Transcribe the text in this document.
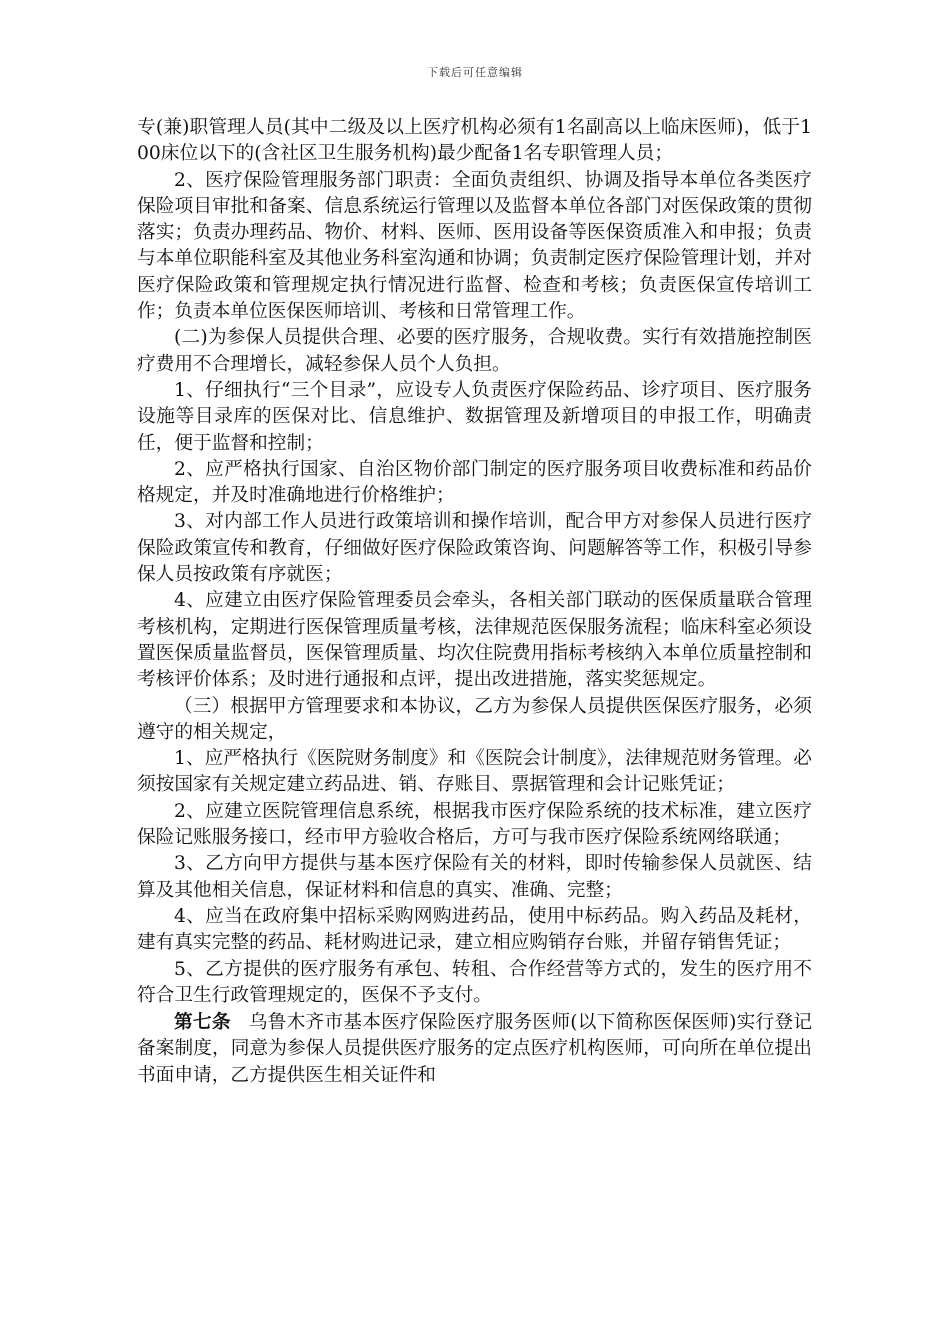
下载后可任意编辑

专(兼)职管理人员(其中二级及以上医疗机构必须有1名副高以上临床医师)，低于100床位以下的(含社区卫生服务机构)最少配备1名专职管理人员；

2、医疗保险管理服务部门职责：全面负责组织、协调及指导本单位各类医疗保险项目审批和备案、信息系统运行管理以及监督本单位各部门对医保政策的贯彻落实；负责办理药品、物价、材料、医师、医用设备等医保资质准入和申报；负责与本单位职能科室及其他业务科室沟通和协调；负责制定医疗保险管理计划，并对医疗保险政策和管理规定执行情况进行监督、检查和考核；负责医保宣传培训工作；负责本单位医保医师培训、考核和日常管理工作。

(二)为参保人员提供合理、必要的医疗服务，合规收费。实行有效措施控制医疗费用不合理增长，减轻参保人员个人负担。

1、仔细执行“三个目录”，应设专人负责医疗保险药品、诊疗项目、医疗服务设施等目录库的医保对比、信息维护、数据管理及新增项目的申报工作，明确责任，便于监督和控制；

2、应严格执行国家、自治区物价部门制定的医疗服务项目收费标准和药品价格规定，并及时准确地进行价格维护；

3、对内部工作人员进行政策培训和操作培训，配合甲方对参保人员进行医疗保险政策宣传和教育，仔细做好医疗保险政策咨询、问题解答等工作，积极引导参保人员按政策有序就医；

4、应建立由医疗保险管理委员会牵头，各相关部门联动的医保质量联合管理考核机构，定期进行医保管理质量考核，法律规范医保服务流程；临床科室必须设置医保质量监督员，医保管理质量、均次住院费用指标考核纳入本单位质量控制和考核评价体系；及时进行通报和点评，提出改进措施，落实奖惩规定。

（三）根据甲方管理要求和本协议，乙方为参保人员提供医保医疗服务，必须遵守的相关规定，

1、应严格执行《医院财务制度》和《医院会计制度》，法律规范财务管理。必须按国家有关规定建立药品进、销、存账目、票据管理和会计记账凭证；

2、应建立医院管理信息系统，根据我市医疗保险系统的技术标准，建立医疗保险记账服务接口，经市甲方验收合格后，方可与我市医疗保险系统网络联通；

3、乙方向甲方提供与基本医疗保险有关的材料，即时传输参保人员就医、结算及其他相关信息，保证材料和信息的真实、准确、完整；

4、应当在政府集中招标采购网购进药品，使用中标药品。购入药品及耗材，建有真实完整的药品、耗材购进记录，建立相应购销存台账，并留存销售凭证；

5、乙方提供的医疗服务有承包、转租、合作经营等方式的，发生的医疗用不符合卫生行政管理规定的，医保不予支付。

第七条 乌鲁木齐市基本医疗保险医疗服务医师(以下简称医保医师)实行登记备案制度，同意为参保人员提供医疗服务的定点医疗机构医师，可向所在单位提出书面申请，乙方提供医生相关证件和
